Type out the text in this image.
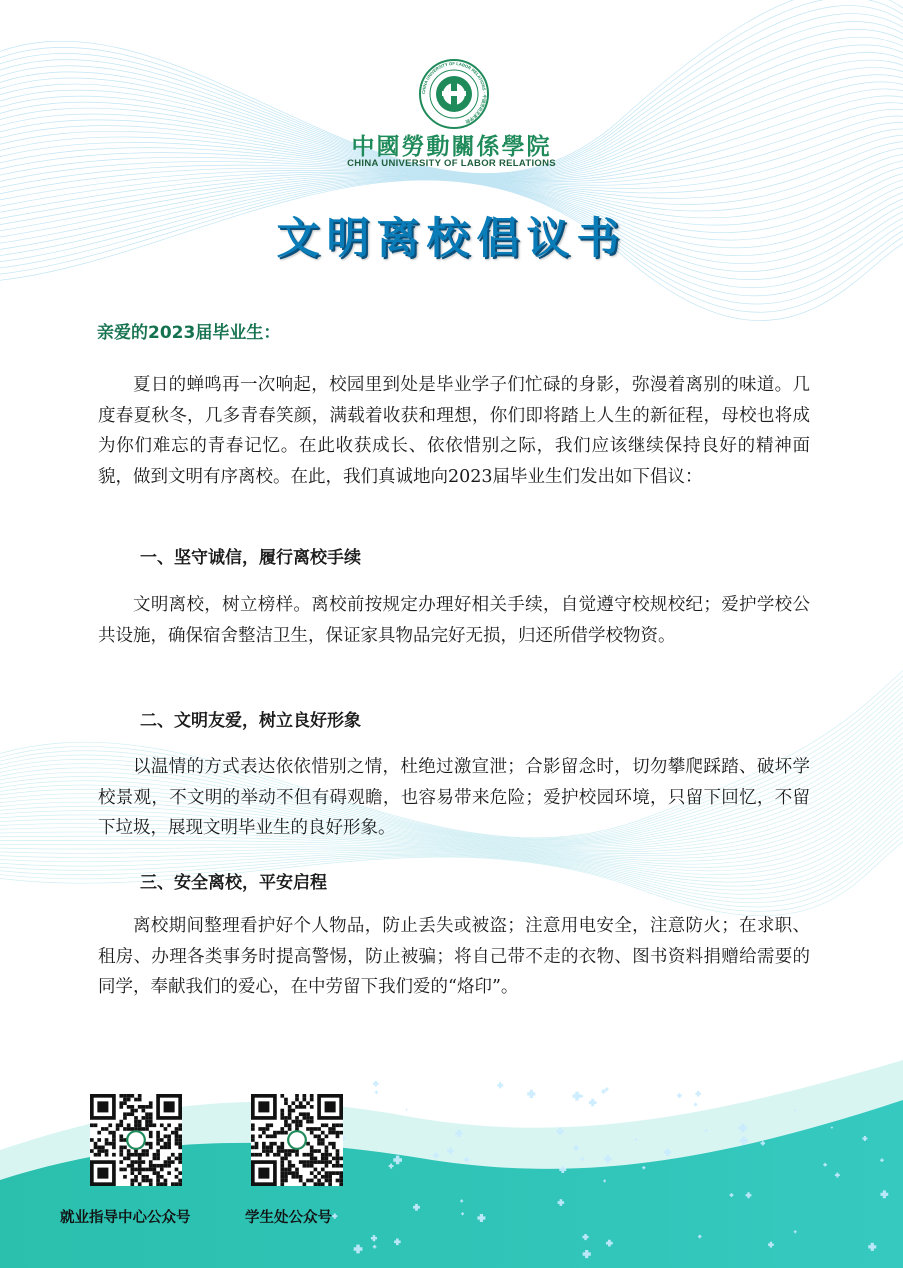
CHINA UNIVERSITY OF LABOR RELATIONS · 中国劳动关系学院
中國勞動關係學院
CHINA UNIVERSITY OF LABOR RELATIONS
文明离校倡议书
亲爱的2023届毕业生：

夏日的蝉鸣再一次响起，校园里到处是毕业学子们忙碌的身影，弥漫着离别的味道。几度春夏秋冬，几多青春笑颜，满载着收获和理想，你们即将踏上人生的新征程，母校也将成为你们难忘的青春记忆。在此收获成长、依依惜别之际，我们应该继续保持良好的精神面貌，做到文明有序离校。在此，我们真诚地向2023届毕业生们发出如下倡议：

一、坚守诚信，履行离校手续

文明离校，树立榜样。离校前按规定办理好相关手续，自觉遵守校规校纪；爱护学校公共设施，确保宿舍整洁卫生，保证家具物品完好无损，归还所借学校物资。

二、文明友爱，树立良好形象

以温情的方式表达依依惜别之情，杜绝过激宣泄；合影留念时，切勿攀爬踩踏、破坏学校景观，不文明的举动不但有碍观瞻，也容易带来危险；爱护校园环境，只留下回忆，不留下垃圾，展现文明毕业生的良好形象。

三、安全离校，平安启程

离校期间整理看护好个人物品，防止丢失或被盗；注意用电安全，注意防火；在求职、租房、办理各类事务时提高警惕，防止被骗；将自己带不走的衣物、图书资料捐赠给需要的同学，奉献我们的爱心，在中劳留下我们爱的“烙印”。

就业指导中心公众号	学生处公众号
